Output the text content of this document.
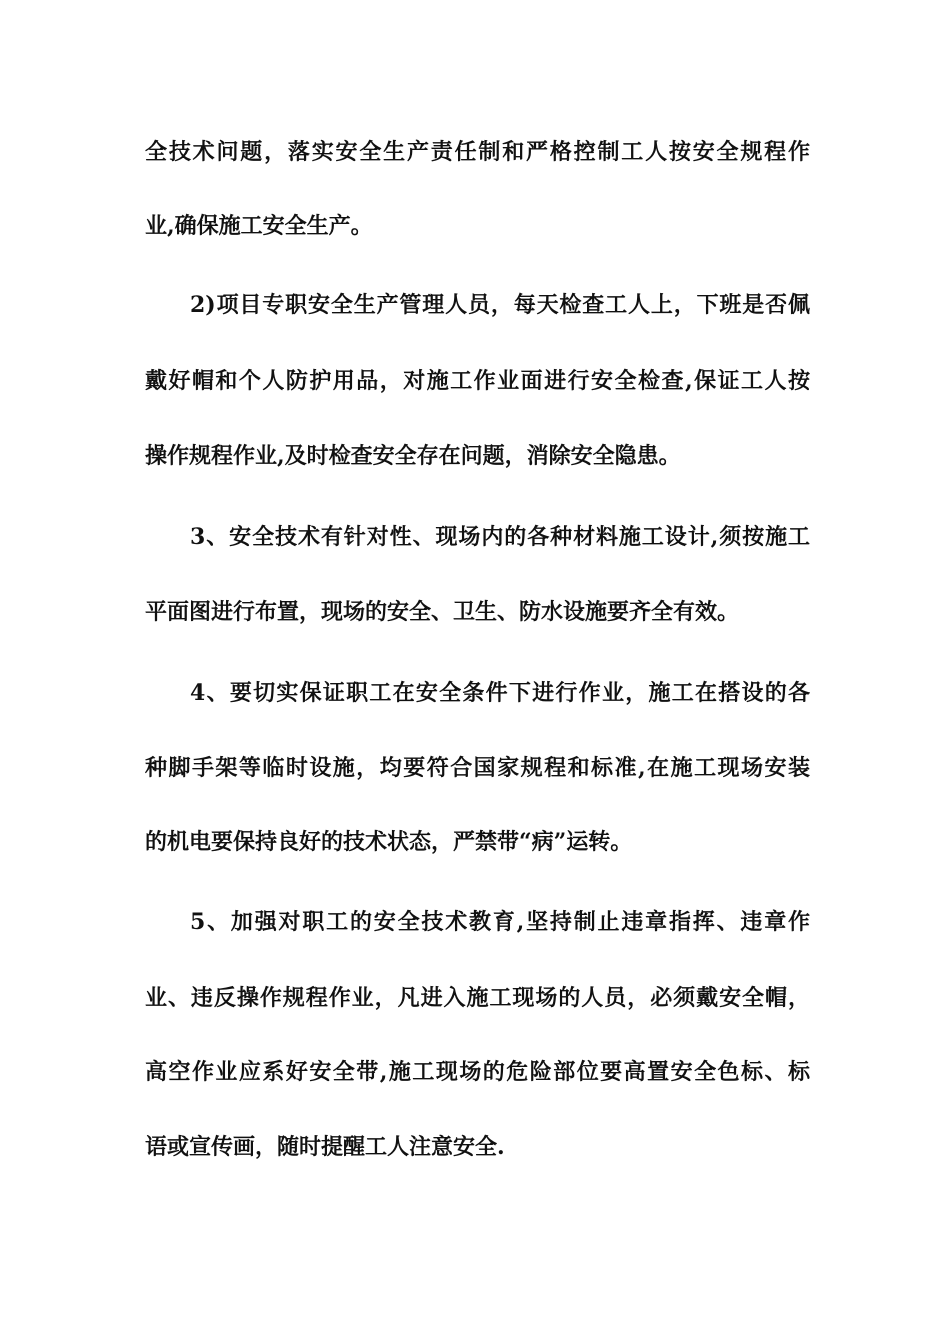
全技术问题，落实安全生产责任制和严格控制工人按安全规程作
业,确保施工安全生产。
2)项目专职安全生产管理人员，每天检查工人上，下班是否佩
戴好帽和个人防护用品，对施工作业面进行安全检查,保证工人按
操作规程作业,及时检查安全存在问题，消除安全隐患。
3、安全技术有针对性、现场内的各种材料施工设计,须按施工
平面图进行布置，现场的安全、卫生、防水设施要齐全有效。
4、要切实保证职工在安全条件下进行作业，施工在搭设的各
种脚手架等临时设施，均要符合国家规程和标准,在施工现场安装
的机电要保持良好的技术状态，严禁带“病”运转。
5、加强对职工的安全技术教育,坚持制止违章指挥、违章作
业、违反操作规程作业，凡进入施工现场的人员，必须戴安全帽，
高空作业应系好安全带,施工现场的危险部位要高置安全色标、标
语或宣传画，随时提醒工人注意安全.
